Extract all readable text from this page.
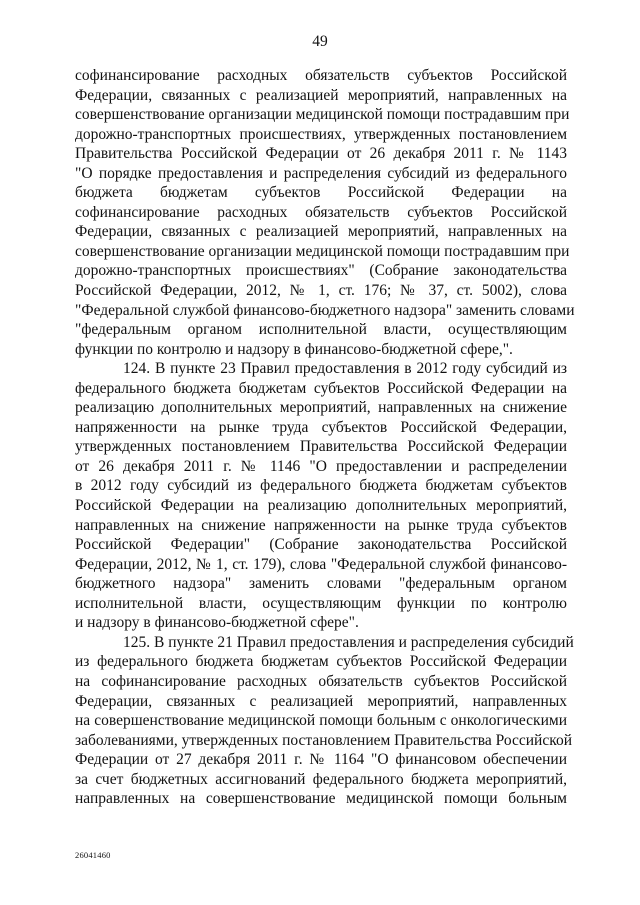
49
софинансирование расходных обязательств субъектов Российской
Федерации, связанных с реализацией мероприятий, направленных на
совершенствование организации медицинской помощи пострадавшим при
дорожно-транспортных происшествиях, утвержденных постановлением
Правительства Российской Федерации от 26 декабря 2011 г. № 1143
"О порядке предоставления и распределения субсидий из федерального
бюджета бюджетам субъектов Российской Федерации на
софинансирование расходных обязательств субъектов Российской
Федерации, связанных с реализацией мероприятий, направленных на
совершенствование организации медицинской помощи пострадавшим при
дорожно-транспортных происшествиях" (Собрание законодательства
Российской Федерации, 2012, № 1, ст. 176; № 37, ст. 5002), слова
"Федеральной службой финансово-бюджетного надзора" заменить словами
"федеральным органом исполнительной власти, осуществляющим
функции по контролю и надзору в финансово-бюджетной сфере,".
124. В пункте 23 Правил предоставления в 2012 году субсидий из
федерального бюджета бюджетам субъектов Российской Федерации на
реализацию дополнительных мероприятий, направленных на снижение
напряженности на рынке труда субъектов Российской Федерации,
утвержденных постановлением Правительства Российской Федерации
от 26 декабря 2011 г. № 1146 "О предоставлении и распределении
в 2012 году субсидий из федерального бюджета бюджетам субъектов
Российской Федерации на реализацию дополнительных мероприятий,
направленных на снижение напряженности на рынке труда субъектов
Российской Федерации" (Собрание законодательства Российской
Федерации, 2012, № 1, ст. 179), слова "Федеральной службой финансово-
бюджетного надзора" заменить словами "федеральным органом
исполнительной власти, осуществляющим функции по контролю
и надзору в финансово-бюджетной сфере".
125. В пункте 21 Правил предоставления и распределения субсидий
из федерального бюджета бюджетам субъектов Российской Федерации
на софинансирование расходных обязательств субъектов Российской
Федерации, связанных с реализацией мероприятий, направленных
на совершенствование медицинской помощи больным с онкологическими
заболеваниями, утвержденных постановлением Правительства Российской
Федерации от 27 декабря 2011 г. № 1164 "О финансовом обеспечении
за счет бюджетных ассигнований федерального бюджета мероприятий,
направленных на совершенствование медицинской помощи больным
26041460
